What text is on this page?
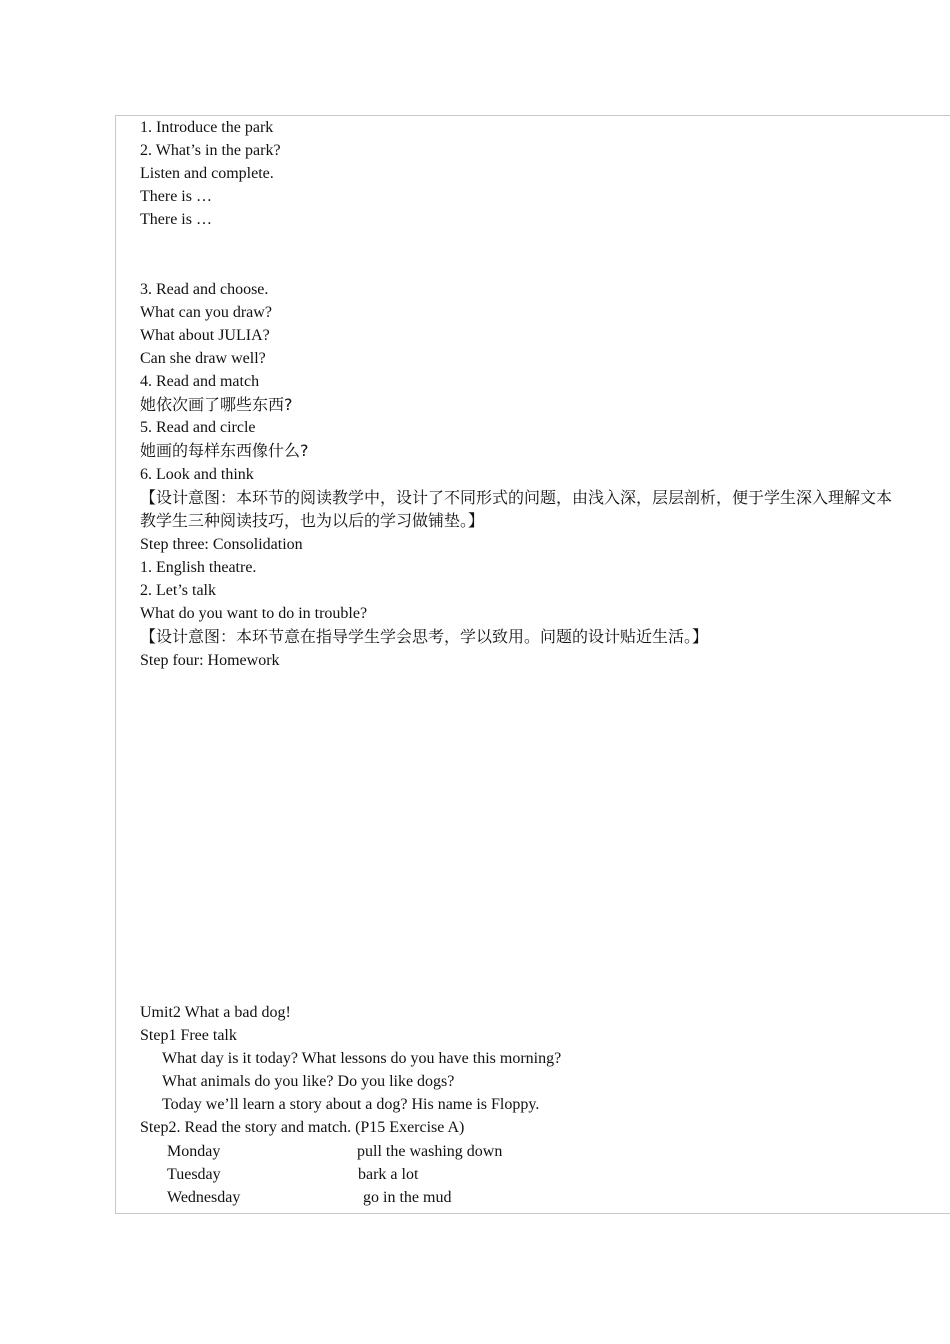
1. Introduce the park
2. What’s in the park?
Listen and complete.
There is …
There is …
3. Read and choose.
What can you draw?
What about JULIA?
Can she draw well?
4. Read and match
她依次画了哪些东西?
5. Read and circle
她画的每样东西像什么?
6. Look and think
【设计意图：本环节的阅读教学中，设计了不同形式的问题，由浅入深，层层剖析，便于学生深入理解文本
教学生三种阅读技巧，也为以后的学习做铺垫。】
Step three: Consolidation
1. English theatre.
2. Let’s talk
What do you want to do in trouble?
【设计意图：本环节意在指导学生学会思考，学以致用。问题的设计贴近生活。】
Step four: Homework
Umit2 What a bad dog!
Step1 Free talk
What day is it today? What lessons do you have this morning?
What animals do you like? Do you like dogs?
Today we’ll learn a story about a dog? His name is Floppy.
Step2. Read the story and match. (P15 Exercise A)
Monday	pull the washing down
Tuesday	bark a lot
Wednesday	go in the mud
